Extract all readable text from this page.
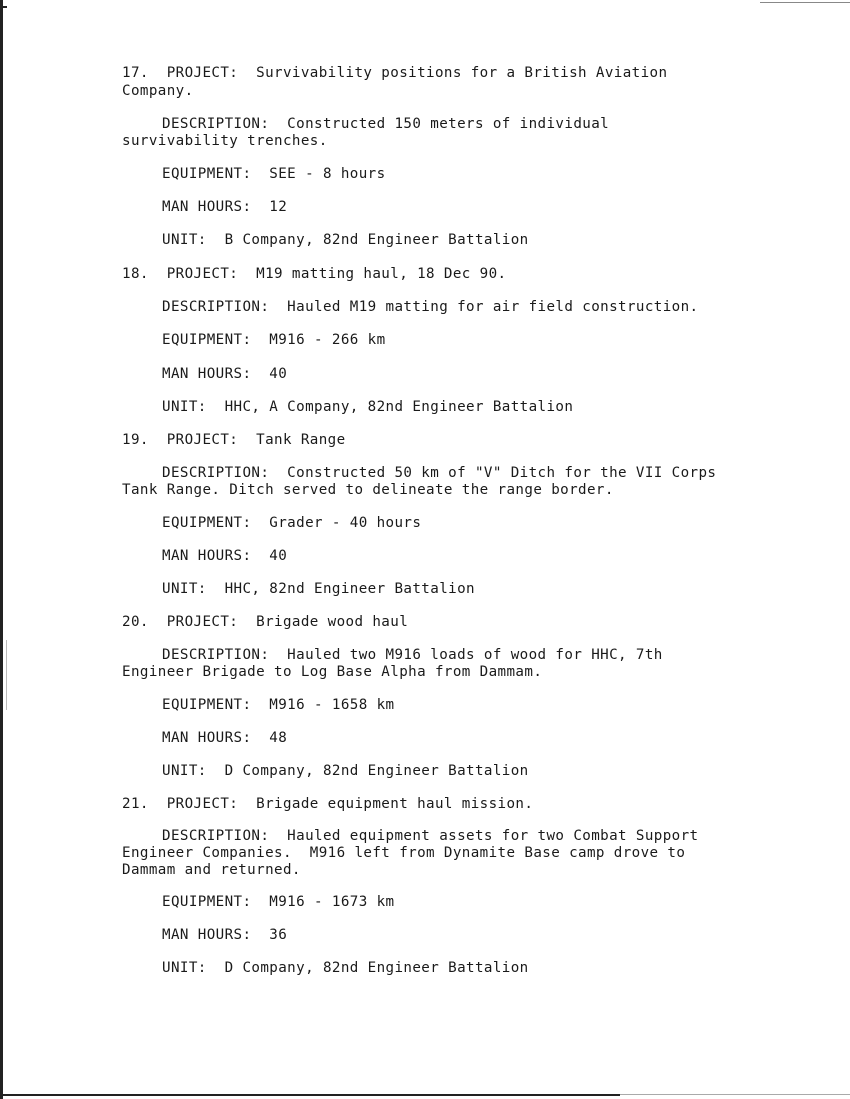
17.  PROJECT:  Survivability positions for a British Aviation
Company.
DESCRIPTION:  Constructed 150 meters of individual
survivability trenches.
EQUIPMENT:  SEE - 8 hours
MAN HOURS:  12
UNIT:  B Company, 82nd Engineer Battalion
18.  PROJECT:  M19 matting haul, 18 Dec 90.
DESCRIPTION:  Hauled M19 matting for air field construction.
EQUIPMENT:  M916 - 266 km
MAN HOURS:  40
UNIT:  HHC, A Company, 82nd Engineer Battalion
19.  PROJECT:  Tank Range
DESCRIPTION:  Constructed 50 km of "V" Ditch for the VII Corps
Tank Range. Ditch served to delineate the range border.
EQUIPMENT:  Grader - 40 hours
MAN HOURS:  40
UNIT:  HHC, 82nd Engineer Battalion
20.  PROJECT:  Brigade wood haul
DESCRIPTION:  Hauled two M916 loads of wood for HHC, 7th
Engineer Brigade to Log Base Alpha from Dammam.
EQUIPMENT:  M916 - 1658 km
MAN HOURS:  48
UNIT:  D Company, 82nd Engineer Battalion
21.  PROJECT:  Brigade equipment haul mission.
DESCRIPTION:  Hauled equipment assets for two Combat Support
Engineer Companies.  M916 left from Dynamite Base camp drove to
Dammam and returned.
EQUIPMENT:  M916 - 1673 km
MAN HOURS:  36
UNIT:  D Company, 82nd Engineer Battalion
